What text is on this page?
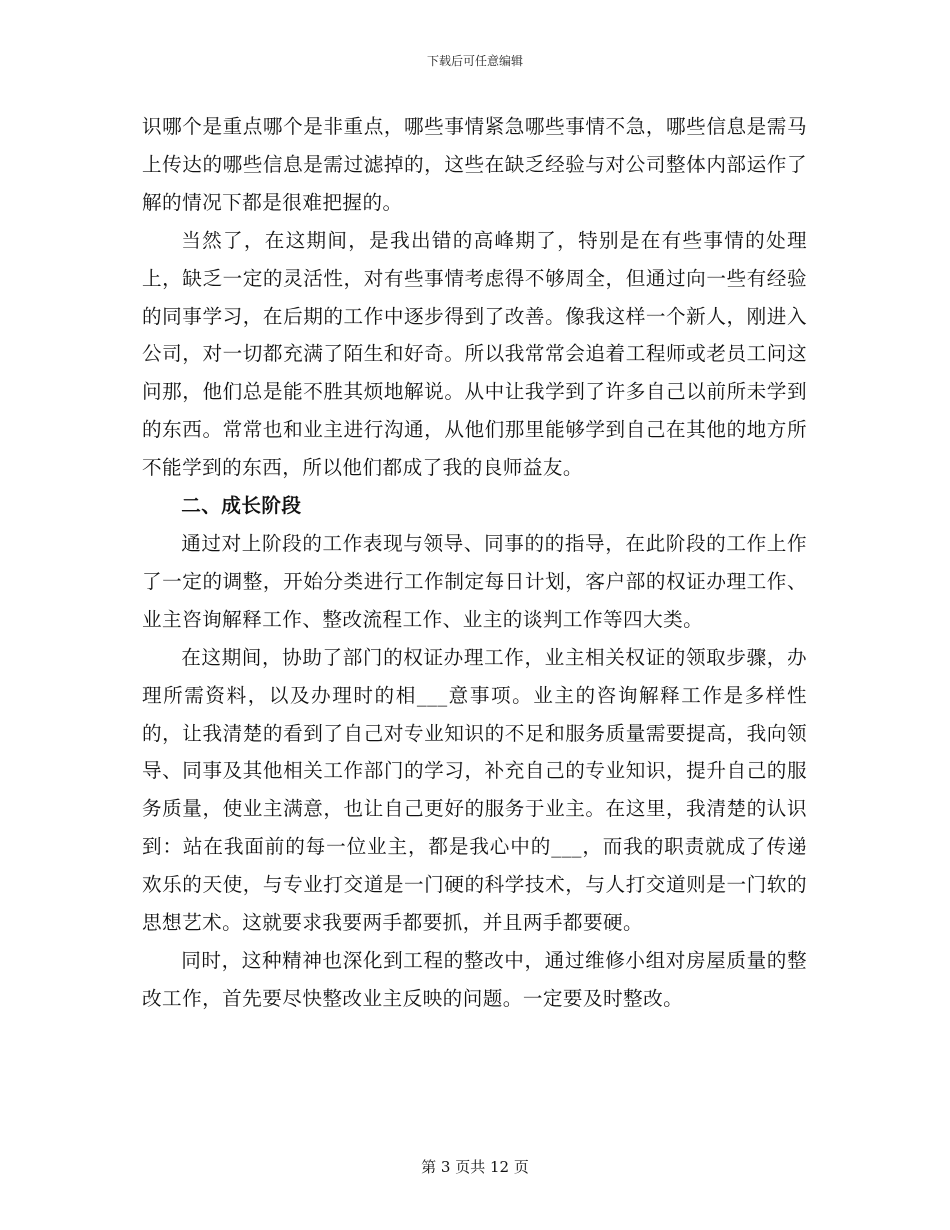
下载后可任意编辑

识哪个是重点哪个是非重点，哪些事情紧急哪些事情不急，哪些信息是需马上传达的哪些信息是需过滤掉的，这些在缺乏经验与对公司整体内部运作了解的情况下都是很难把握的。

当然了，在这期间，是我出错的高峰期了，特别是在有些事情的处理上，缺乏一定的灵活性，对有些事情考虑得不够周全，但通过向一些有经验的同事学习，在后期的工作中逐步得到了改善。像我这样一个新人，刚进入公司，对一切都充满了陌生和好奇。所以我常常会追着工程师或老员工问这问那，他们总是能不胜其烦地解说。从中让我学到了许多自己以前所未学到的东西。常常也和业主进行沟通，从他们那里能够学到自己在其他的地方所不能学到的东西，所以他们都成了我的良师益友。

二、成长阶段

通过对上阶段的工作表现与领导、同事的的指导，在此阶段的工作上作了一定的调整，开始分类进行工作制定每日计划，客户部的权证办理工作、业主咨询解释工作、整改流程工作、业主的谈判工作等四大类。

在这期间，协助了部门的权证办理工作，业主相关权证的领取步骤，办理所需资料，以及办理时的相___意事项。业主的咨询解释工作是多样性的，让我清楚的看到了自己对专业知识的不足和服务质量需要提高，我向领导、同事及其他相关工作部门的学习，补充自己的专业知识，提升自己的服务质量，使业主满意，也让自己更好的服务于业主。在这里，我清楚的认识到：站在我面前的每一位业主，都是我心中的___，而我的职责就成了传递欢乐的天使，与专业打交道是一门硬的科学技术，与人打交道则是一门软的思想艺术。这就要求我要两手都要抓，并且两手都要硬。

同时，这种精神也深化到工程的整改中，通过维修小组对房屋质量的整改工作，首先要尽快整改业主反映的问题。一定要及时整改。

第 3 页共 12 页
